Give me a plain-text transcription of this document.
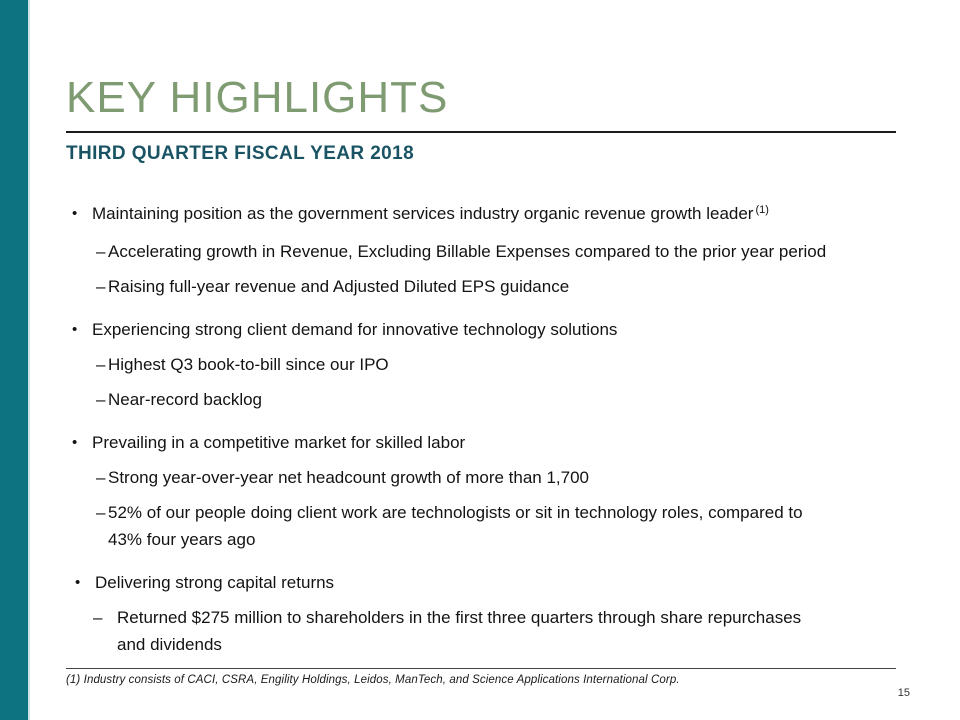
KEY HIGHLIGHTS
THIRD QUARTER FISCAL YEAR 2018
• Maintaining position as the government services industry organic revenue growth leader $^{(1)}$
– Accelerating growth in Revenue, Excluding Billable Expenses compared to the prior year period
– Raising full-year revenue and Adjusted Diluted EPS guidance
• Experiencing strong client demand for innovative technology solutions
– Highest Q3 book-to-bill since our IPO
– Near-record backlog
• Prevailing in a competitive market for skilled labor
– Strong year-over-year net headcount growth of more than 1,700
– 52% of our people doing client work are technologists or sit in technology roles, compared to
43% four years ago
• Delivering strong capital returns
– Returned $275 million to shareholders in the first three quarters through share repurchases
and dividends
(1) Industry consists of CACI, CSRA, Engility Holdings, Leidos, ManTech, and Science Applications International Corp.
15
